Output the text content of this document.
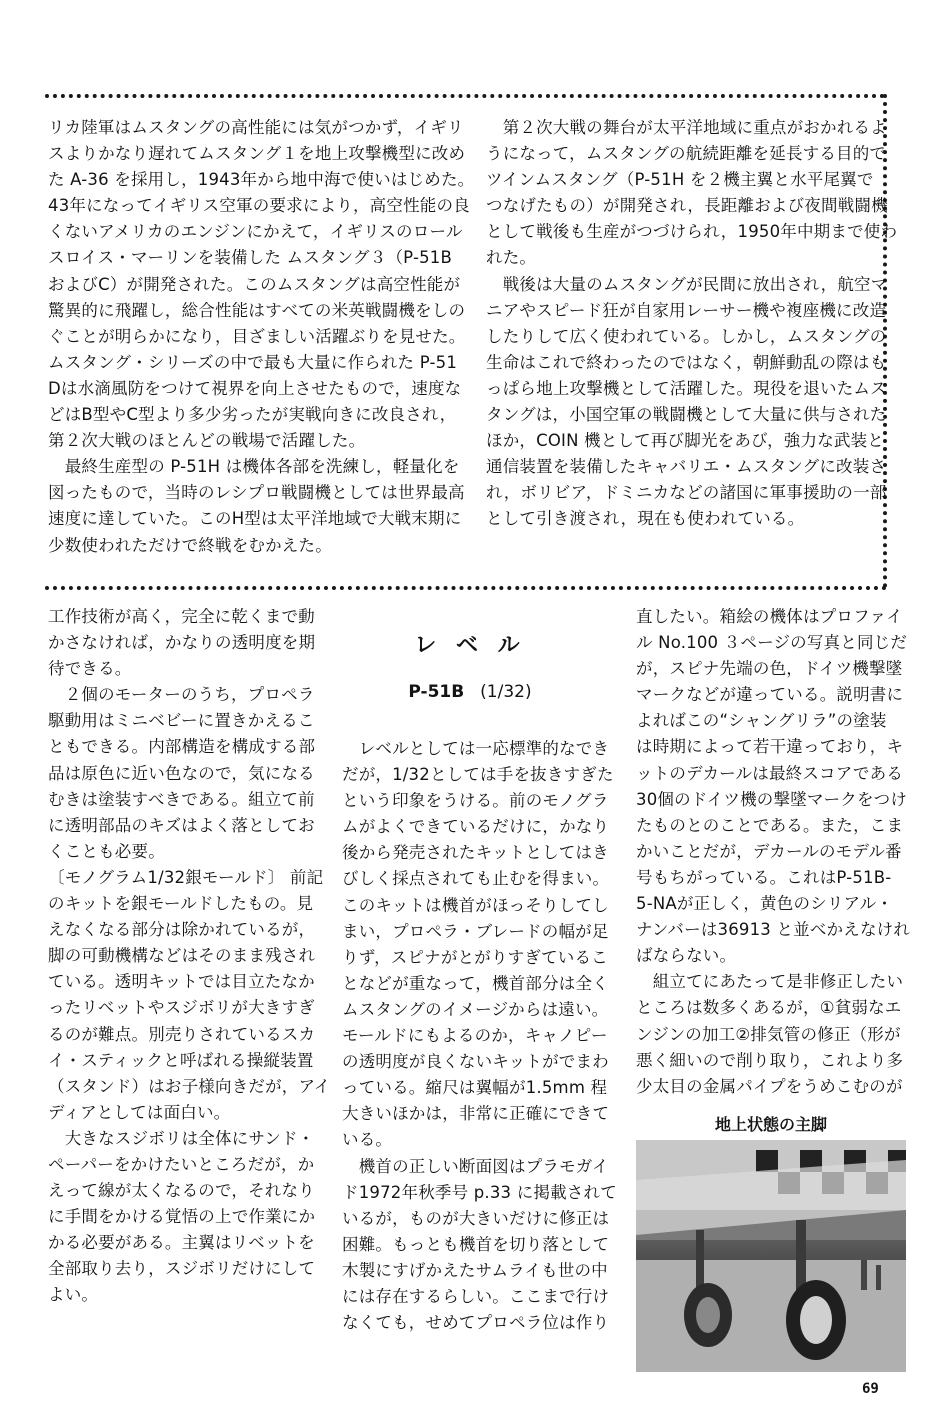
リカ陸軍はムスタングの高性能には気がつかず，イギリ

スよりかなり遅れてムスタング１を地上攻撃機型に改め

た A-36 を採用し，1943年から地中海で使いはじめた。

43年になってイギリス空軍の要求により，高空性能の良

くないアメリカのエンジンにかえて，イギリスのロール

スロイス・マーリンを装備した ムスタング３（P-51B

およびC）が開発された。このムスタングは高空性能が

驚異的に飛躍し，総合性能はすべての米英戦闘機をしの

ぐことが明らかになり，目ざましい活躍ぶりを見せた。

ムスタング・シリーズの中で最も大量に作られた P-51

Dは水滴風防をつけて視界を向上させたもので，速度な

どはB型やC型より多少劣ったが実戦向きに改良され，

第２次大戦のほとんどの戦場で活躍した。

　最終生産型の P-51H は機体各部を洗練し，軽量化を

図ったもので，当時のレシプロ戦闘機としては世界最高

速度に達していた。このH型は太平洋地域で大戦末期に

少数使われただけで終戦をむかえた。

　第２次大戦の舞台が太平洋地域に重点がおかれるよ

うになって，ムスタングの航続距離を延長する目的で

ツインムスタング（P-51H を２機主翼と水平尾翼で

つなげたもの）が開発され，長距離および夜間戦闘機

として戦後も生産がつづけられ，1950年中期まで使わ

れた。

　戦後は大量のムスタングが民間に放出され，航空マ

ニアやスピード狂が自家用レーサー機や複座機に改造

したりして広く使われている。しかし，ムスタングの

生命はこれで終わったのではなく，朝鮮動乱の際はも

っぱら地上攻撃機として活躍した。現役を退いたムス

タングは，小国空軍の戦闘機として大量に供与された

ほか，COIN 機として再び脚光をあび，強力な武装と

通信装置を装備したキャバリエ・ムスタングに改装さ

れ，ボリビア，ドミニカなどの諸国に軍事援助の一部

として引き渡され，現在も使われている。

工作技術が高く，完全に乾くまで動

かさなければ，かなりの透明度を期

待できる。

　２個のモーターのうち，プロペラ

駆動用はミニベビーに置きかえるこ

ともできる。内部構造を構成する部

品は原色に近い色なので，気になる

むきは塗装すべきである。組立て前

に透明部品のキズはよく落としてお

くことも必要。

〔モノグラム1/32銀モールド〕 前記

のキットを銀モールドしたもの。見

えなくなる部分は除かれているが，

脚の可動機構などはそのまま残され

ている。透明キットでは目立たなか

ったリベットやスジボリが大きすぎ

るのが難点。別売りされているスカ

イ・スティックと呼ばれる操縦装置

（スタンド）はお子様向きだが，アイ

ディアとしては面白い。

　大きなスジボリは全体にサンド・

ペーパーをかけたいところだが，か

えって線が太くなるので，それなり

に手間をかける覚悟の上で作業にか

かる必要がある。主翼はリベットを

全部取り去り，スジボリだけにして

よい。

レ ベ ル
P-51B (1/32)

　レベルとしては一応標準的なでき

だが，1/32としては手を抜きすぎた

という印象をうける。前のモノグラ

ムがよくできているだけに，かなり

後から発売されたキットとしてはき

びしく採点されても止むを得まい。

このキットは機首がほっそりしてし

まい，プロペラ・ブレードの幅が足

りず，スピナがとがりすぎているこ

となどが重なって，機首部分は全く

ムスタングのイメージからは遠い。

モールドにもよるのか，キャノピー

の透明度が良くないキットがでまわ

っている。縮尺は翼幅が1.5mm 程

大きいほかは，非常に正確にできて

いる。

　機首の正しい断面図はプラモガイ

ド1972年秋季号 p.33 に掲載されて

いるが，ものが大きいだけに修正は

困難。もっとも機首を切り落として

木製にすげかえたサムライも世の中

には存在するらしい。ここまで行け

なくても，せめてプロペラ位は作り

直したい。箱絵の機体はプロファイ

ル No.100 ３ページの写真と同じだ

が，スピナ先端の色，ドイツ機撃墜

マークなどが違っている。説明書に

よればこの“シャングリラ”の塗装

は時期によって若干違っており，キ

ットのデカールは最終スコアである

30個のドイツ機の撃墜マークをつけ

たものとのことである。また，こま

かいことだが，デカールのモデル番

号もちがっている。これはP-51B-

5-NAが正しく，黄色のシリアル・

ナンバーは36913 と並べかえなけれ

ばならない。

　組立てにあたって是非修正したい

ところは数多くあるが，①貧弱なエ

ンジンの加工②排気管の修正（形が

悪く細いので削り取り，これより多

少太目の金属パイプをうめこむのが

地上状態の主脚
69
